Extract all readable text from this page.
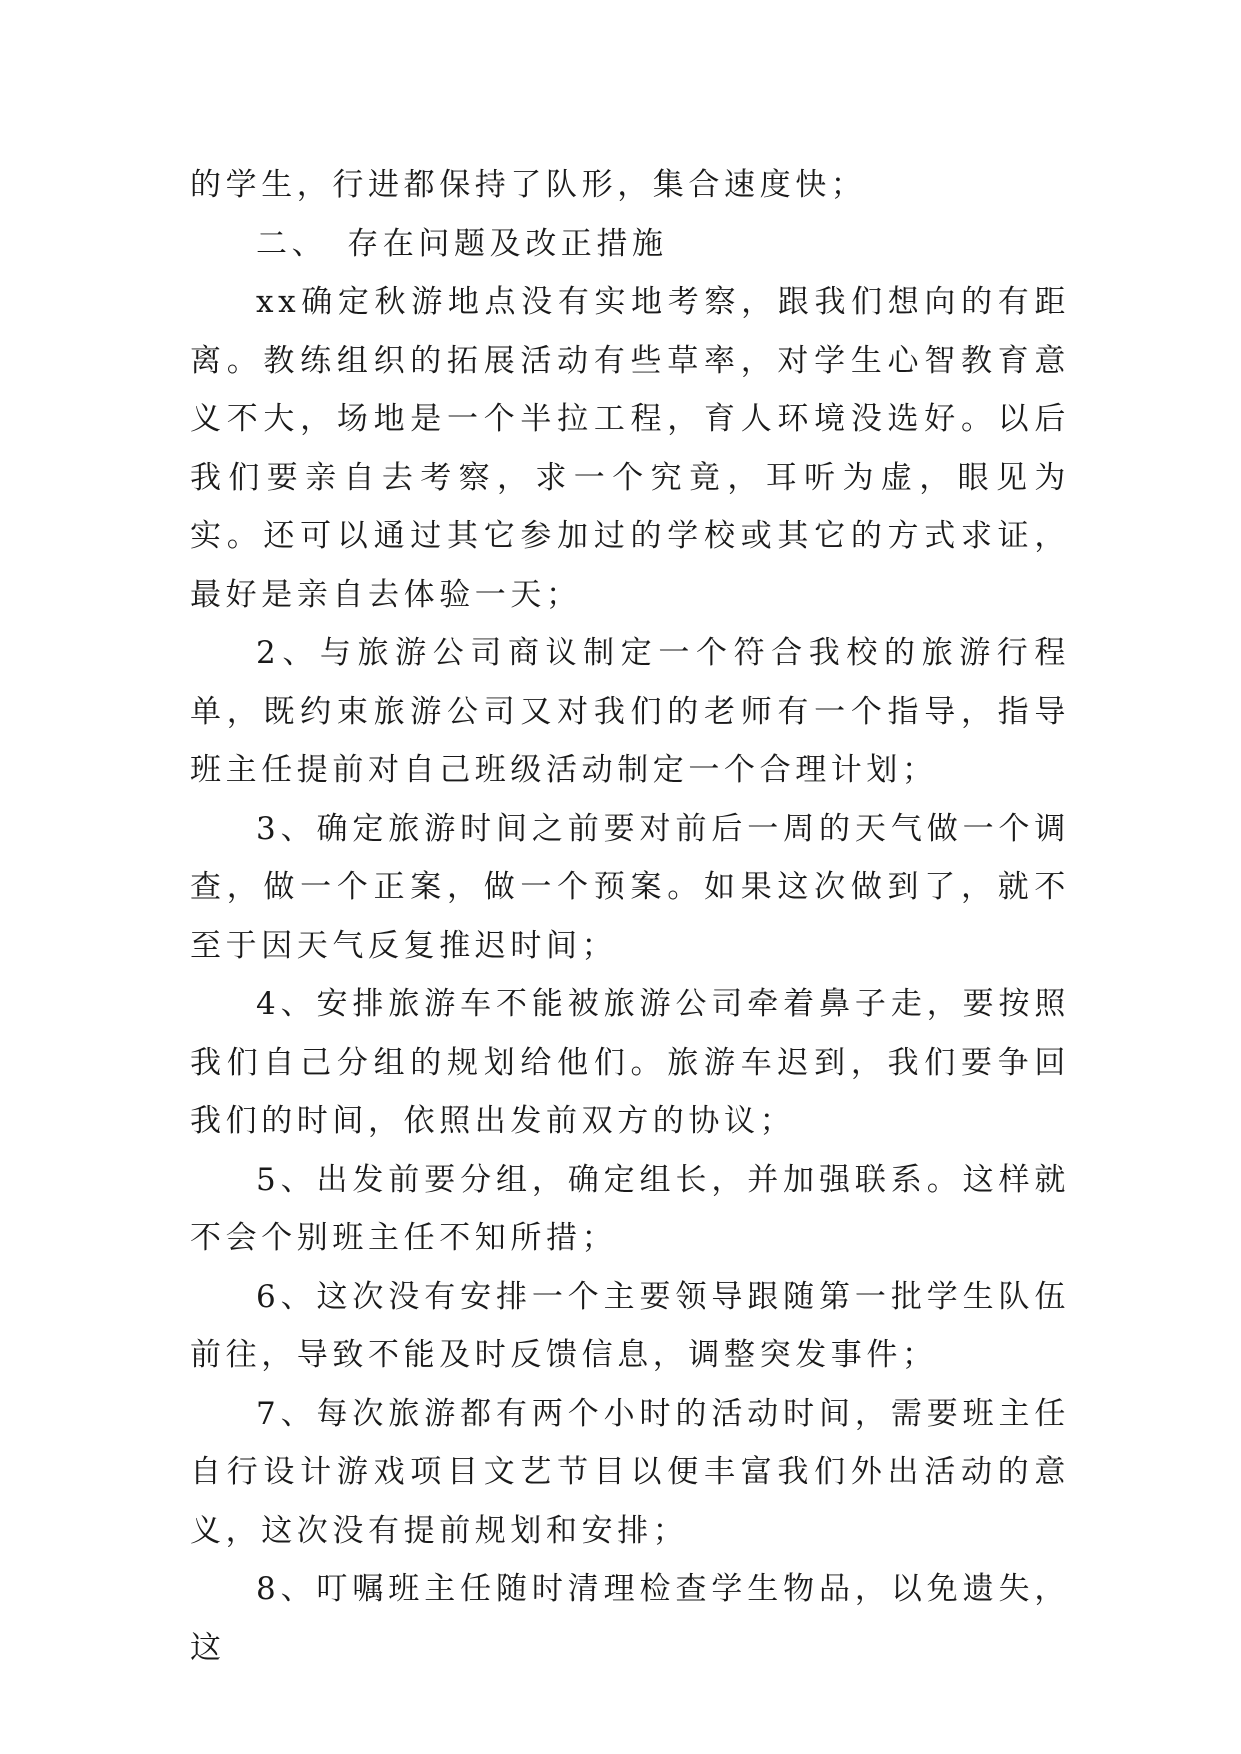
的学生，行进都保持了队形，集合速度快；

二、 存在问题及改正措施

xx确定秋游地点没有实地考察，跟我们想向的有距离。教练组织的拓展活动有些草率，对学生心智教育意义不大，场地是一个半拉工程，育人环境没选好。以后我们要亲自去考察，求一个究竟，耳听为虚，眼见为实。还可以通过其它参加过的学校或其它的方式求证，最好是亲自去体验一天；

2、与旅游公司商议制定一个符合我校的旅游行程单，既约束旅游公司又对我们的老师有一个指导，指导班主任提前对自己班级活动制定一个合理计划；

3、确定旅游时间之前要对前后一周的天气做一个调查，做一个正案，做一个预案。如果这次做到了，就不至于因天气反复推迟时间；

4、安排旅游车不能被旅游公司牵着鼻子走，要按照我们自己分组的规划给他们。旅游车迟到，我们要争回我们的时间，依照出发前双方的协议；

5、出发前要分组，确定组长，并加强联系。这样就不会个别班主任不知所措；

6、这次没有安排一个主要领导跟随第一批学生队伍前往，导致不能及时反馈信息，调整突发事件；

7、每次旅游都有两个小时的活动时间，需要班主任自行设计游戏项目文艺节目以便丰富我们外出活动的意义，这次没有提前规划和安排；

8、叮嘱班主任随时清理检查学生物品，以免遗失，这
